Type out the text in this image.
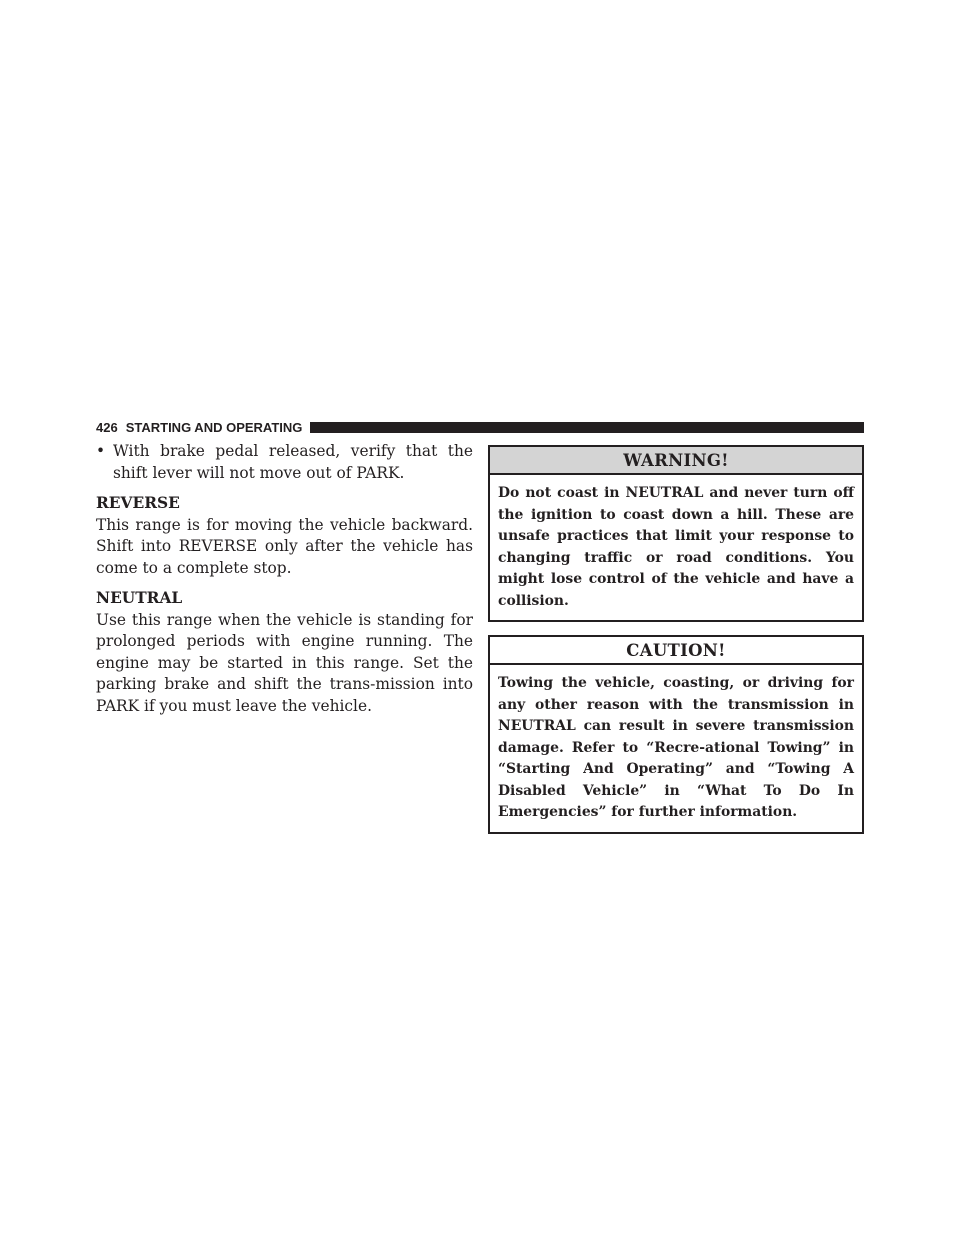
426 STARTING AND OPERATING
• With brake pedal released, verify that the shift lever will not move out of PARK.

REVERSE

This range is for moving the vehicle backward. Shift into REVERSE only after the vehicle has come to a complete stop.

NEUTRAL

Use this range when the vehicle is standing for prolonged periods with engine running. The engine may be started in this range. Set the parking brake and shift the trans-mission into PARK if you must leave the vehicle.

WARNING!
Do not coast in NEUTRAL and never turn off the ignition to coast down a hill. These are unsafe practices that limit your response to changing traffic or road conditions. You might lose control of the vehicle and have a collision.
CAUTION!
Towing the vehicle, coasting, or driving for any other reason with the transmission in NEUTRAL can result in severe transmission damage. Refer to “Recre-ational Towing” in “Starting And Operating” and “Towing A Disabled Vehicle” in “What To Do In Emergencies” for further information.
